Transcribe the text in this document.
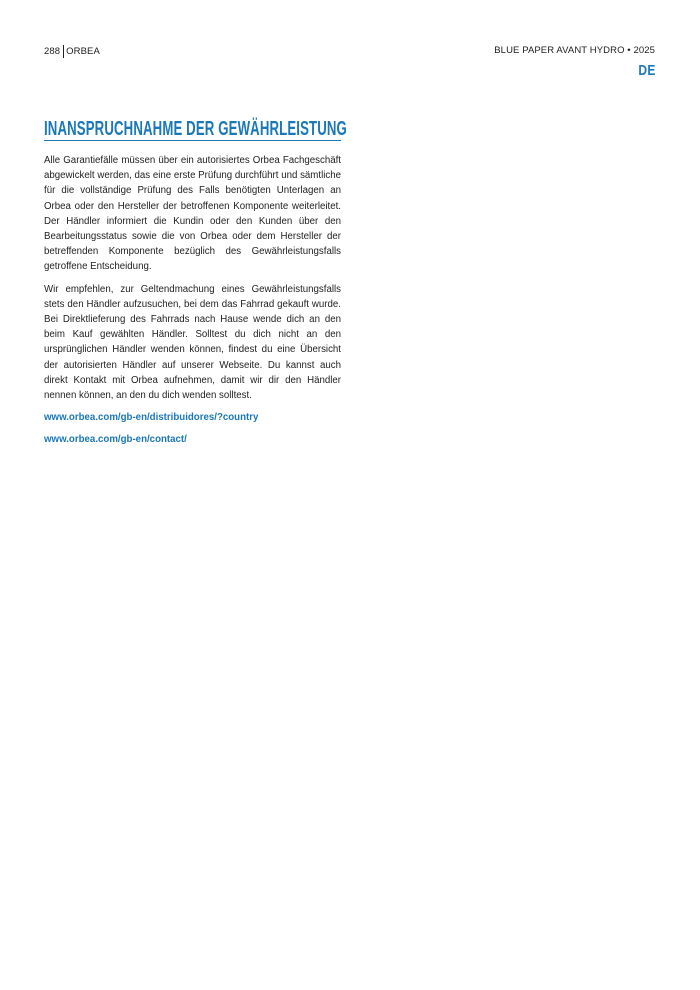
288 ORBEA	BLUE PAPER AVANT HYDRO • 2025
DE
INANSPRUCHNAHME DER GEWÄHRLEISTUNG

Alle Garantiefälle müssen über ein autorisiertes Orbea Fachgeschäft abgewickelt werden, das eine erste Prüfung durchführt und sämtliche für die vollständige Prüfung des Falls benötigten Unterlagen an Orbea oder den Hersteller der betroffenen Komponente weiterleitet. Der Händler informiert die Kundin oder den Kunden über den Bearbeitungsstatus sowie die von Orbea oder dem Hersteller der betreffenden Komponente bezüglich des Gewährleistungsfalls getroffene Entscheidung.

Wir empfehlen, zur Geltendmachung eines Gewährleistungsfalls stets den Händler aufzusuchen, bei dem das Fahrrad gekauft wurde. Bei Direktlieferung des Fahrrads nach Hause wende dich an den beim Kauf gewählten Händler. Solltest du dich nicht an den ursprünglichen Händler wenden können, findest du eine Übersicht der autorisierten Händler auf unserer Webseite. Du kannst auch direkt Kontakt mit Orbea aufnehmen, damit wir dir den Händler nennen können, an den du dich wenden solltest.

www.orbea.com/gb-en/distribuidores/?country
www.orbea.com/gb-en/contact/
